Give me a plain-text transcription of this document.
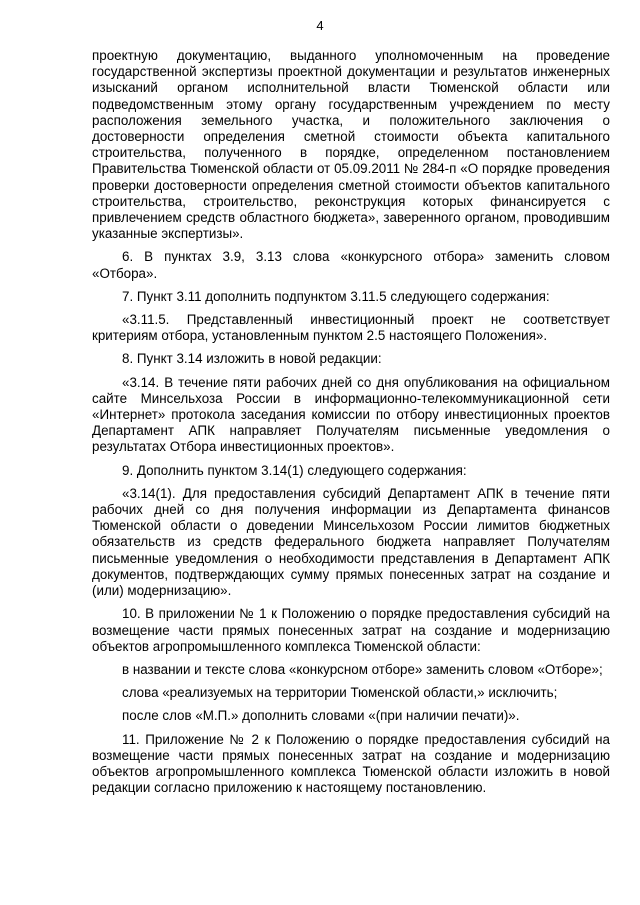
4

проектную документацию, выданного уполномоченным на проведение государственной экспертизы проектной документации и результатов инженерных изысканий органом исполнительной власти Тюменской области или подведомственным этому органу государственным учреждением по месту расположения земельного участка, и положительного заключения о достоверности определения сметной стоимости объекта капитального строительства, полученного в порядке, определенном постановлением Правительства Тюменской области от 05.09.2011 № 284-п «О порядке проведения проверки достоверности определения сметной стоимости объектов капитального строительства, строительство, реконструкция которых финансируется с привлечением средств областного бюджета», заверенного органом, проводившим указанные экспертизы».

6. В пунктах 3.9, 3.13 слова «конкурсного отбора» заменить словом «Отбора».

7. Пункт 3.11 дополнить подпунктом 3.11.5 следующего содержания:

«3.11.5. Представленный инвестиционный проект не соответствует критериям отбора, установленным пунктом 2.5 настоящего Положения».

8. Пункт 3.14 изложить в новой редакции:

«3.14. В течение пяти рабочих дней со дня опубликования на официальном сайте Минсельхоза России в информационно-телекоммуникационной сети «Интернет» протокола заседания комиссии по отбору инвестиционных проектов Департамент АПК направляет Получателям письменные уведомления о результатах Отбора инвестиционных проектов».

9. Дополнить пунктом 3.14(1) следующего содержания:

«3.14(1). Для предоставления субсидий Департамент АПК в течение пяти рабочих дней со дня получения информации из Департамента финансов Тюменской области о доведении Минсельхозом России лимитов бюджетных обязательств из средств федерального бюджета направляет Получателям письменные уведомления о необходимости представления в Департамент АПК документов, подтверждающих сумму прямых понесенных затрат на создание и (или) модернизацию».

10. В приложении № 1 к Положению о порядке предоставления субсидий на возмещение части прямых понесенных затрат на создание и модернизацию объектов агропромышленного комплекса Тюменской области:

в названии и тексте слова «конкурсном отборе» заменить словом «Отборе»;

слова «реализуемых на территории Тюменской области,» исключить;

после слов «М.П.» дополнить словами «(при наличии печати)».

11. Приложение № 2 к Положению о порядке предоставления субсидий на возмещение части прямых понесенных затрат на создание и модернизацию объектов агропромышленного комплекса Тюменской области изложить в новой редакции согласно приложению к настоящему постановлению.
